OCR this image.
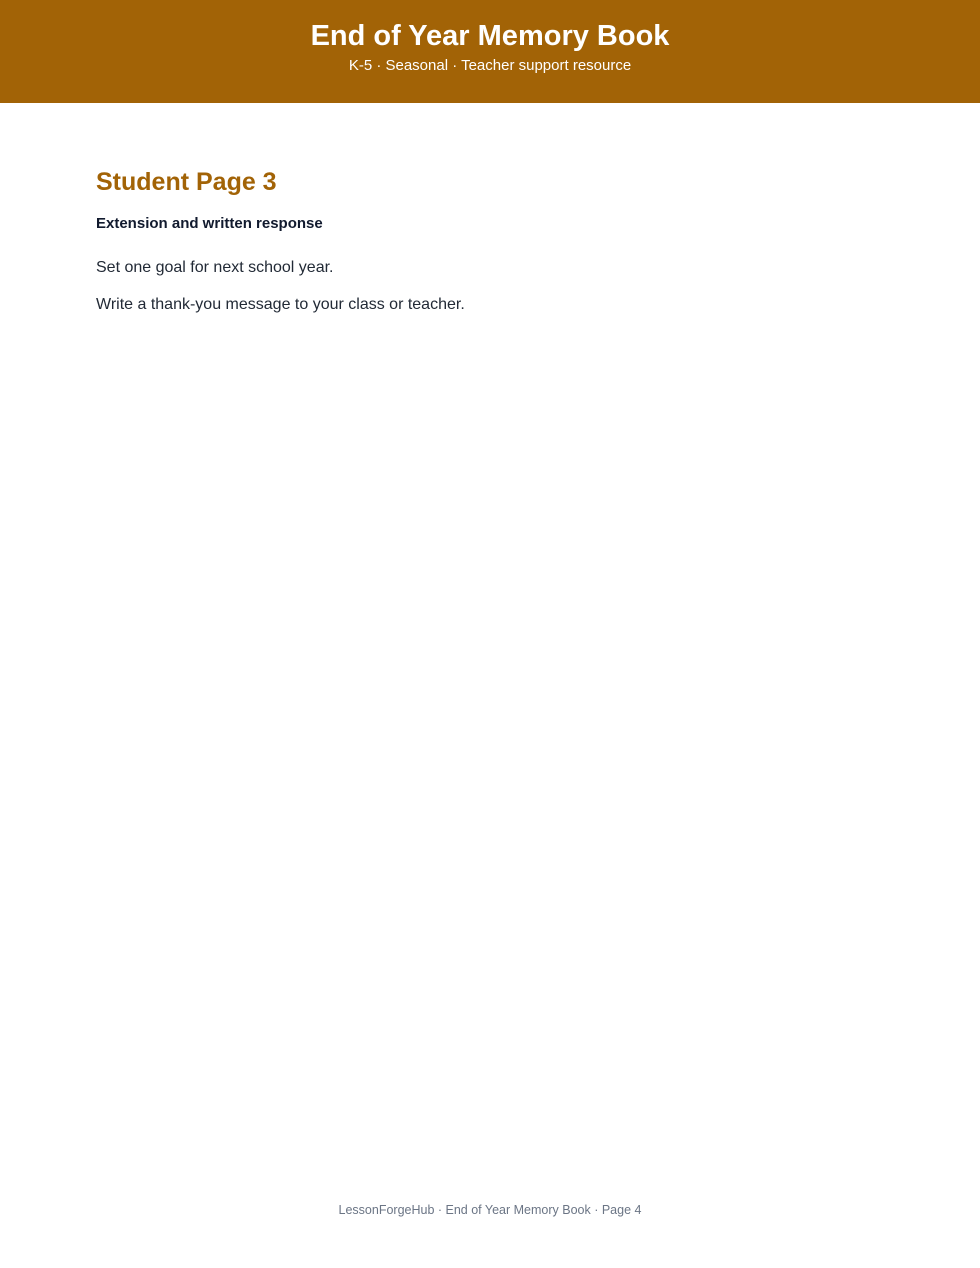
End of Year Memory Book
K-5 · Seasonal · Teacher support resource
Student Page 3
Extension and written response

Set one goal for next school year.

Write a thank-you message to your class or teacher.

LessonForgeHub · End of Year Memory Book · Page 4
